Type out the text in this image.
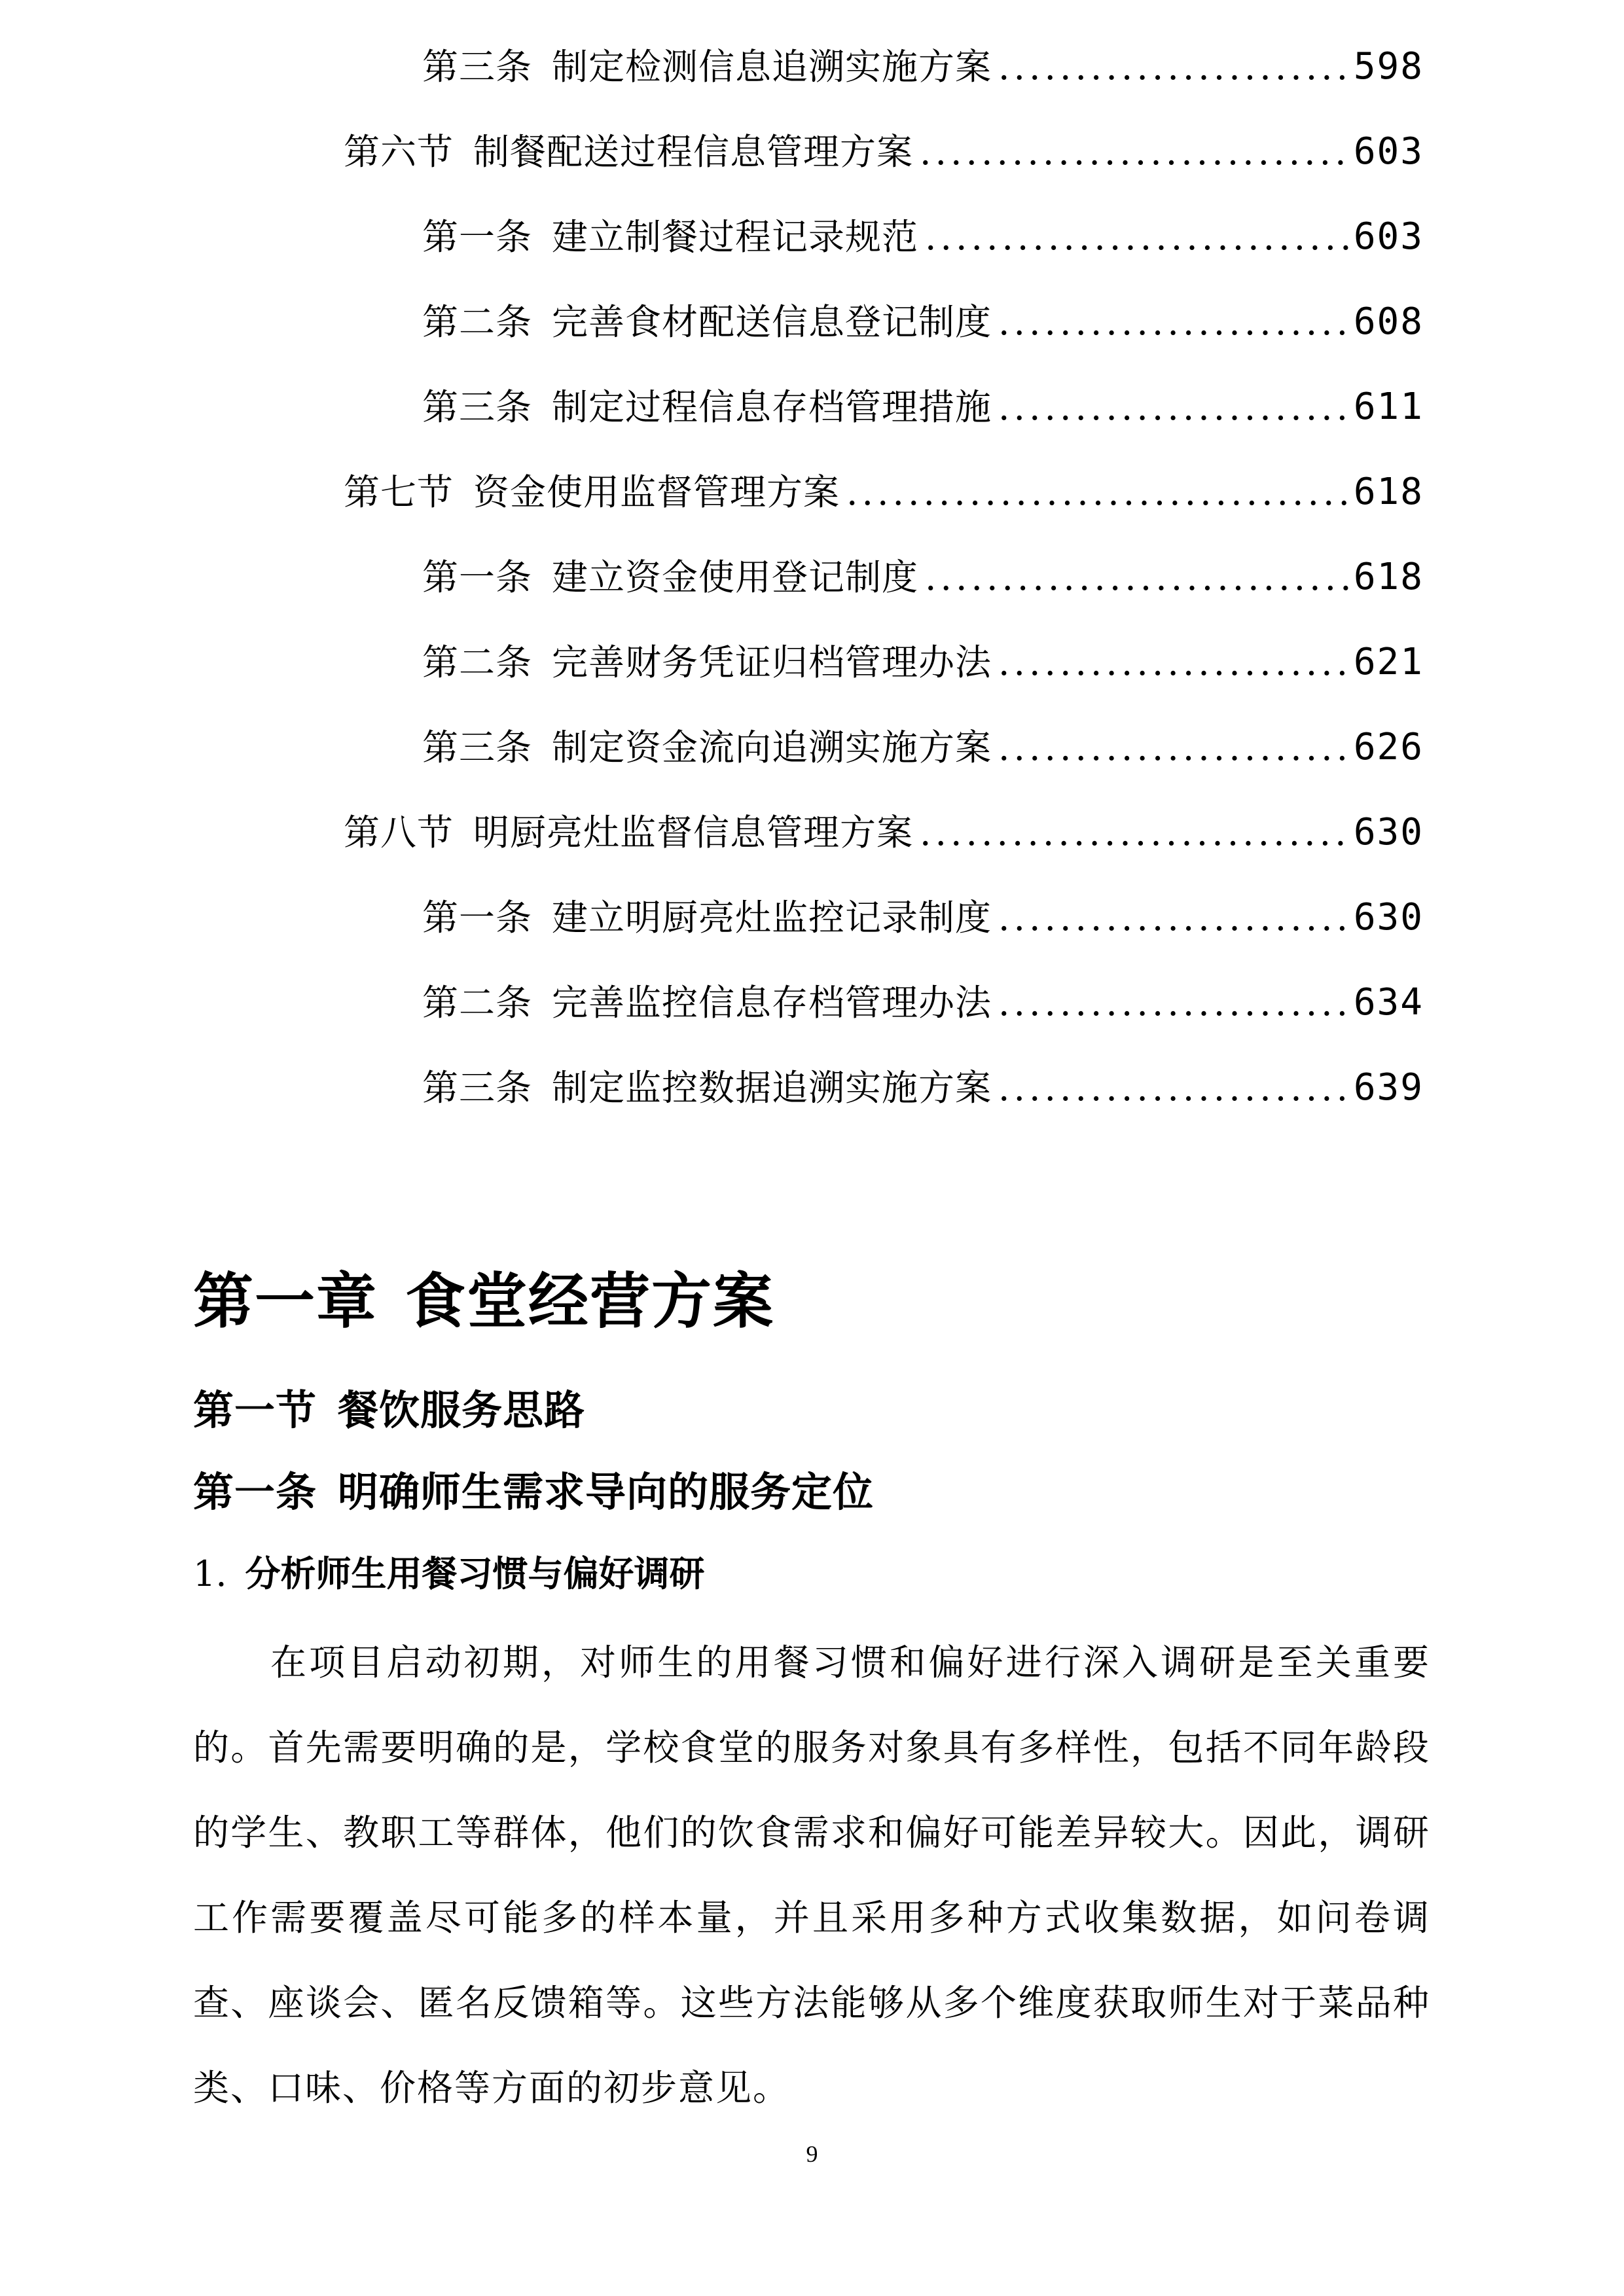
第三条 制定检测信息追溯实施方案 .....	598
第六节 制餐配送过程信息管理方案 .....	603
第一条 建立制餐过程记录规范 .....	603
第二条 完善食材配送信息登记制度 .....	608
第三条 制定过程信息存档管理措施 .....	611
第七节 资金使用监督管理方案 .....	618
第一条 建立资金使用登记制度 .....	618
第二条 完善财务凭证归档管理办法 .....	621
第三条 制定资金流向追溯实施方案 .....	626
第八节 明厨亮灶监督信息管理方案 .....	630
第一条 建立明厨亮灶监控记录制度 .....	630
第二条 完善监控信息存档管理办法 .....	634
第三条 制定监控数据追溯实施方案 .....	639
第一章 食堂经营方案
第一节 餐饮服务思路
第一条 明确师生需求导向的服务定位
1. 分析师生用餐习惯与偏好调研

在项目启动初期，对师生的用餐习惯和偏好进行深入调研是至关重要的。首先需要明确的是，学校食堂的服务对象具有多样性，包括不同年龄段的学生、教职工等群体，他们的饮食需求和偏好可能差异较大。因此，调研工作需要覆盖尽可能多的样本量，并且采用多种方式收集数据，如问卷调查、座谈会、匿名反馈箱等。这些方法能够从多个维度获取师生对于菜品种类、口味、价格等方面的初步意见。

9
